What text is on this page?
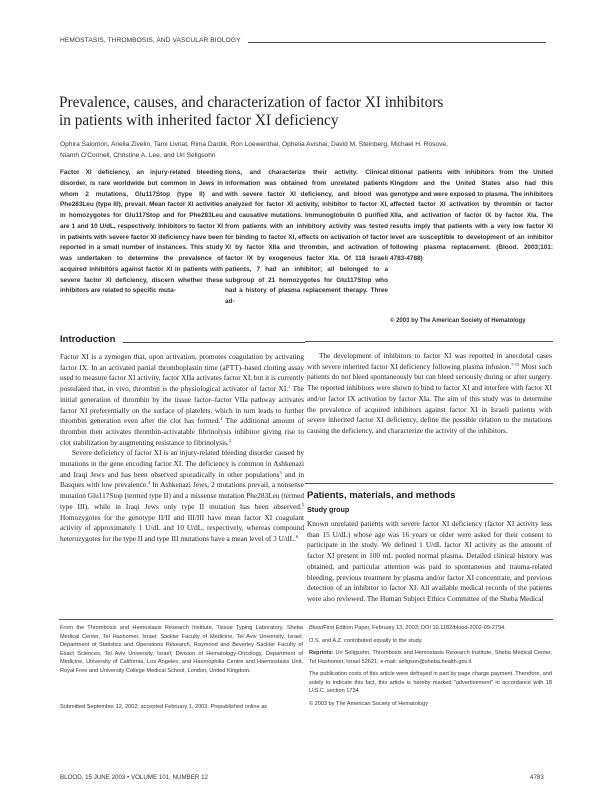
HEMOSTASIS, THROMBOSIS, AND VASCULAR BIOLOGY
Prevalence, causes, and characterization of factor XI inhibitors
in patients with inherited factor XI deficiency
Ophira Salomon, Ariella Zivelin, Tami Livnat, Rima Dardik, Ron Loewenthal, Ophelia Avishai, David M. Steinberg, Michael H. Rosove,
Niamh O'Connell, Christine A. Lee, and Uri Seligsohn

Factor XI deficiency, an injury-related bleeding disorder, is rare worldwide but common in Jews in whom 2 mutations, Glu117Stop (type II) and Phe283Leu (type III), prevail. Mean factor XI activities in homozygotes for Glu117Stop and for Phe283Leu are 1 and 10 U/dL, respectively. Inhibitors to factor XI in patients with severe factor XI deficiency have been reported in a small number of instances. This study was undertaken to determine the prevalence of acquired inhibitors against factor XI in patients with severe factor XI deficiency, discern whether these inhibitors are related to specific muta-

tions, and characterize their activity. Clinical information was obtained from unrelated patients with severe factor XI deficiency, and blood was analyzed for factor XI activity, inhibitor to factor XI, and causative mutations. Immunoglobulin G purified from patients with an inhibitory activity was tested for binding to factor XI, effects on activation of factor XI by factor XIIa and thrombin, and activation of factor IX by exogenous factor XIa. Of 118 Israeli patients, 7 had an inhibitor; all belonged to a subgroup of 21 homozygotes for Glu117Stop who had a history of plasma replacement therapy. Three ad-

ditional patients with inhibitors from the United Kingdom and the United States also had this genotype and were exposed to plasma. The inhibitors affected factor XI activation by thrombin or factor XIIa, and activation of factor IX by factor XIa. The results imply that patients with a very low factor XI level are susceptible to development of an inhibitor following plasma replacement. (Blood. 2003;101: 4783-4788)

© 2003 by The American Society of Hematology
Introduction

Factor XI is a zymogen that, upon activation, promotes coagulation by activating factor IX. In an activated partial thromboplastin time (aPTT)–based clotting assay used to measure factor XI activity, factor XIIa activates factor XI, but it is currently postulated that, in vivo, thrombin is the physiological activator of factor XI.$^1$ The initial generation of thrombin by the tissue factor–factor VIIa pathway activates factor XI preferentially on the surface of platelets, which in turn leads to further thrombin generation even after the clot has formed.$^2$ The additional amount of thrombin then activates thrombin-activatable fibrinolysis inhibitor giving rise to clot stabilization by augmenting resistance to fibrinolysis.$^2$

Severe deficiency of factor XI is an injury-related bleeding disorder caused by mutations in the gene encoding factor XI. The deficiency is common in Ashkenazi and Iraqi Jews and has been observed sporadically in other populations$^3$ and in Basques with low prevalence.$^4$ In Ashkenazi Jews, 2 mutations prevail, a nonsense mutation Glu117Stop (termed type II) and a missense mutation Phe283Leu (termed type III), while in Iraqi Jews only type II mutation has been observed.$^5$ Homozygotes for the genotype II/II and III/III have mean factor XI coagulant activity of approximately 1 U/dL and 10 U/dL, respectively, whereas compound heterozygotes for the type II and type III mutations have a mean level of 3 U/dL.$^6$

The development of inhibitors to factor XI was reported in anecdotal cases with severe inherited factor XI deficiency following plasma infusion.$^{7-15}$ Most such patients do not bleed spontaneously but can bleed seriously during or after surgery. The reported inhibitors were shown to bind to factor XI and interfere with factor XI and/or factor IX activation by factor XIa. The aim of this study was to determine the prevalence of acquired inhibitors against factor XI in Israeli patients with severe inherited factor XI deficiency, define the possible relation to the mutations causing the deficiency, and characterize the activity of the inhibitors.

Patients, materials, and methods
Study group

Known unrelated patients with severe factor XI deficiency (factor XI activity less than 15 U/dL) whose age was 16 years or older were asked for their consent to participate in the study. We defined 1 U/dL factor XI activity as the amount of factor XI present in 100 mL pooled normal plasma. Detailed clinical history was obtained, and particular attention was paid to spontaneous and trauma-related bleeding, previous treatment by plasma and/or factor XI concentrate, and previous detection of an inhibitor to factor XI. All available medical records of the patients were also reviewed. The Human Subject Ethics Committee of the Sheba Medical

From the Thrombosis and Hemostasis Research Institute, Tissue Typing Laboratory, Sheba Medical Center, Tel Hashomer, Israel; Sackler Faculty of Medicine, Tel Aviv University, Israel; Department of Statistics and Operations Research, Raymond and Beverley Sackler Faculty of Exact Sciences, Tel Aviv University, Israel; Division of Hematology-Oncology, Department of Medicine, University of California, Los Angeles; and Haemophilia Centre and Haemostasis Unit, Royal Free and University College Medical School, London, United Kingdom.

Submitted September 12, 2002; accepted February 1, 2003. Prepublished online as

BloodFirst Edition Paper, February 13, 2003; DOI 10.1182/blood-2002-09-2794.

O.S. and A.Z. contributed equally to the study.

Reprints: Uri Seligsohn, Thrombosis and Hemostasis Research Institute, Sheba Medical Center, Tel Hashomer, Israel 52621; e-mail: seligson@sheba.health.gov.il.

The publication costs of this article were defrayed in part by page charge payment. Therefore, and solely to indicate this fact, this article is hereby marked "advertisement" in accordance with 18 U.S.C. section 1734.

© 2003 by The American Society of Hematology

BLOOD, 15 JUNE 2003 • VOLUME 101, NUMBER 12	4783
